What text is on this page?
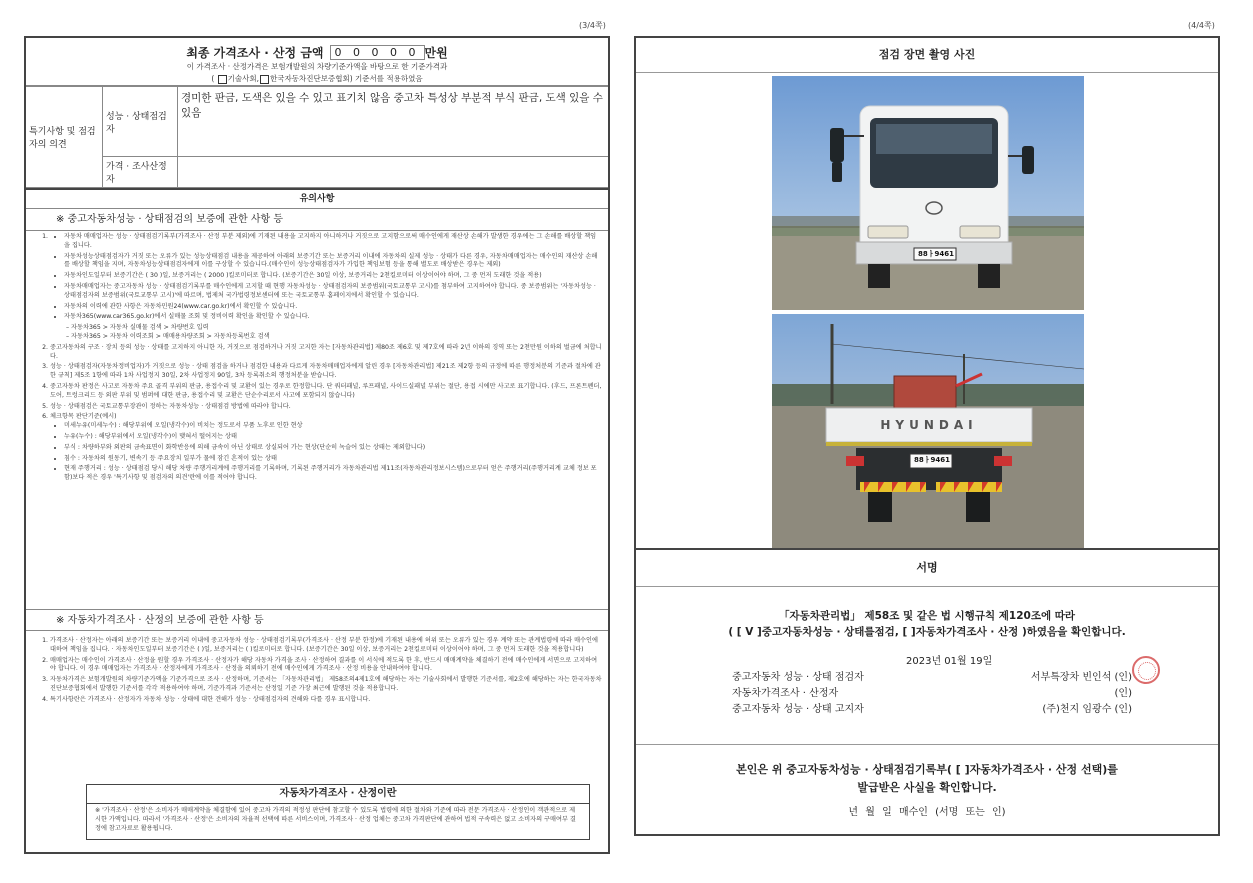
(3/4쪽)
최종 가격조사 · 산정 금액	0 0 0 0 0 만원
이 가격조사 · 산정가격은 보험개발원의 차량기준가액을 바탕으로 한 기준가격과
( 기술사회, 한국자동차진단보증협회) 기준서를 적용하였음
특기사항 및 점검자의 의견	성능 · 상태점검자	경미한 판금, 도색은 있을 수 있고 표기치 않음 중고차 특성상 부분적 부식 판금, 도색 있을 수 있음
	가격 · 조사산정자	
유의사항
※ 중고자동차성능 · 상태점검의 보증에 관한 사항 등
• 1. 자동차 매매업자는 성능 · 상태점검기록부(가격조사 · 산정 부분 제외)에 기재된 내용을 고지하지 아니하거나 거짓으로 고지함으로써 매수인에게 재산상 손해가 발생한 경우에는 그 손해를 배상할 책임을 집니다.
• 자동차성능상태점검자가 거짓 또는 오류가 있는 성능상태점검 내용을 제공하여 아래의 보증기간 또는 보증거리 이내에 자동차의 실제 성능 · 상태가 다른 경우, 자동차매매업자는 매수인의 재산상 손해를 배상할 책임을 지며, 자동차성능상태점검자에게 이를 구상할 수 있습니다.(매수인이 성능상태점검자가 가입한 책임보험 등을 통해 별도로 배상받은 경우는 제외)
• 자동차인도일부터 보증기간은 ( 30 )일, 보증거리는 ( 2000 )킬로미터로 합니다. (보증기간은 30일 이상, 보증거리는 2천킬로미터 이상이어야 하며, 그 중 먼저 도래한 것을 적용)
• 자동차매매업자는 중고자동차 성능 · 상태점검기록부를 매수인에게 고지할 때 현행 자동차성능 · 상태점검자의 보증범위(국토교통부 고시)를 첨부하여 고지하여야 합니다. 중 보증범위는 '자동차성능 · 상태점검자의 보증범위(국토교통부 고시)'에 따르며, 법제처 국가법령정보센터에 또는 국토교통부 홈페이지에서 확인할 수 있습니다.
• 자동차의 이력에 관한 사항은 자동차민원24(www.car.go.kr)에서 확인할 수 있습니다.
• 자동차365(www.car365.go.kr)에서 실매물 조회 및 정비이력 확인을 확인할 수 있습니다.
– 자동차365 > 자동차 실매물 검색 > 차량번호 입력
– 자동차365 > 자동차 이력조회 > 매매용차량조회 > 자동차등록번호 검색
2. 중고자동차의 구조 · 장치 등의 성능 · 상태를 고지하지 아니한 자, 거짓으로 점검하거나 거짓 고지한 자는 [자동차관리법] 제80조 제6호 및 제7호에 따라 2년 이하의 징역 또는 2천만원 이하의 벌금에 처합니다.
3. 성능 · 상태점검자(자동차정비업자)가 거짓으로 성능 · 상태 점검을 하거나 점검한 내용과 다르게 자동차매매업자에게 알린 경우 [자동차관리법] 제21조 제2항 등의 규정에 따른 행정처분의 기준과 절차에 관한 규칙] 제5조 1항에 따라 1차 사업정지 30일, 2차 사업정지 90일, 3차 등록취소의 행정처분을 받습니다.
4. 중고자동차 판정은 사고로 자동차 주요 골격 부위의 판금, 용접수리 및 교환이 있는 경우로 한정합니다. 단 쿼터패널, 루프패널, 사이드실패널 부위는 절단, 용접 시에만 사고로 표기합니다. (후드, 프론트펜더, 도어, 트렁크리드 등 외판 부위 및 범퍼에 대한 판금, 용접수리 및 교환은 단순수리로서 사고에 포함되지 않습니다)
5. 성능 · 상태점검은 국토교통부장관이 정하는 자동차성능 · 상태점검 방법에 따라야 합니다.
6. 체크항목 판단기준(예시)
• 미세누유(미세누수) : 해당부위에 오일(냉각수)이 비치는 정도로서 부품 노후로 인한 현상
• 누유(누수) : 해당부위에서 오일(냉각수)이 맺혀서 떨어지는 상태
• 부식 : 차량하부와 외판의 금속표면이 화학반응에 의해 금속이 아닌 상태로 상실되어 가는 현상(단순히 녹슬어 있는 상태는 제외합니다)
• 침수 : 자동차의 원동기, 변속기 등 주요장치 일부가 물에 잠긴 흔적이 있는 상태
• 현재 주행거리 : 성능 · 상태점검 당시 해당 차량 주행거리계에 주행거리를 기록하며, 기록된 주행거리가 자동차관리법 제11조(자동차관리정보시스템)으로부터 얻은 주행거리(주행거리계 교체 정보 포함)보다 적은 경우 '특기사항 및 점검자의 의견'란에 이를 적어야 합니다.
※ 자동차가격조사 · 산정의 보증에 관한 사항 등
1. 가격조사 · 산정자는 아래의 보증기간 또는 보증거리 이내에 중고자동차 성능 · 상태점검기록부(가격조사 · 산정 부분 한정)에 기재된 내용에 허위 또는 오류가 있는 경우 계약 또는 관계법령에 따라 매수인에 대하여 책임을 집니다. · 자동차인도일부터 보증기간은 ( )일, 보증거리는 ( )킬로미터로 합니다. (보증기간은 30일 이상, 보증거리는 2천킬로미터 이상이어야 하며, 그 중 먼저 도래한 것을 적용합니다)
2. 매매업자는 매수인이 가격조사 · 산정을 원할 경우 가격조사 · 산정자가 해당 자동차 가격을 조사 · 산정하여 결과를 이 서식에 적도록 한 후, 반드시 매매계약을 체결하기 전에 매수인에게 서면으로 고지하여야 합니다. 이 경우 매매업자는 가격조사 · 산정자에게 가격조사 · 산정을 의뢰하기 전에 매수인에게 가격조사 · 산정 비용을 안내하여야 합니다.
3. 자동차가격은 보험개발원의 차량기준가액을 기준가격으로 조사 · 산정하며, 기준서는 「자동차관리법」 제58조의4제1호에 해당하는 자는 기술사회에서 발행한 기준서를, 제2호에 해당하는 자는 한국자동차진단보증협회에서 발행한 기준서를 각각 적용하여야 하며, 기준가격과 기준서는 산정일 기준 가장 최근에 발행된 것을 적용합니다.
4. 특기사항란은 가격조사 · 산정자가 자동차 성능 · 상태에 대한 견해가 성능 · 상태점검자의 견해와 다를 경우 표시합니다.
자동차가격조사 · 산정이란
※ '가격조사 · 산정'은 소비자가 매매계약을 체결함에 있어 중고차 가격의 적정성 판단에 참고할 수 있도록 법령에 의한 절차와 기준에 따라 전문 가격조사 · 산정인이 객관적으로 제시한 가액입니다. 따라서 '가격조사 · 산정'은 소비자의 자율적 선택에 따른 서비스이며, 가격조사 · 산정 업체는 중고차 가격판단에 관하여 법적 구속력은 없고 소비자의 구매여부 결정에 참고자료로 활용됩니다.
(4/4쪽)
점검 장면 촬영 사진
88ㅏ9461
HYUNDAI
88ㅏ9461
서명
「자동차관리법」 제58조 및 같은 법 시행규칙 제120조에 따라
( [ V ]중고자동차성능 · 상태를점검, [ ]자동차가격조사 · 산정 )하였음을 확인합니다.
2023년 01월 19일
중고자동차 성능 · 상태 점검자	서부특장차 빈인석 (인)
자동차가격조사 · 산정자	(인)
중고자동차 성능 · 상태 고지자	(주)천지 임광수 (인)
본인은 위 중고자동차성능 · 상태점검기록부( [ ]자동차가격조사 · 산정 선택)를
발급받은 사실을 확인합니다.
년 월 일 매수인 (서명 또는 인)
